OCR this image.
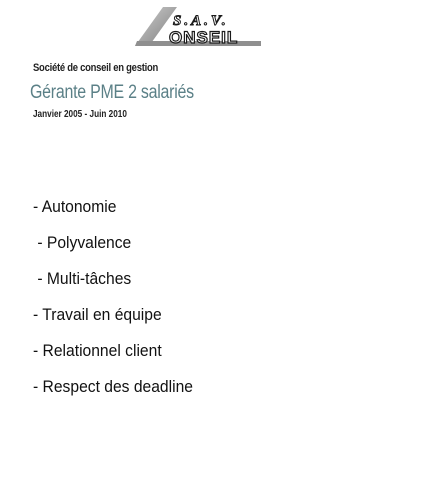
S.A.V.
ONSEIL
Société de conseil en gestion
Gérante PME 2 salariés
Janvier 2005 - Juin 2010
- Autonomie
- Polyvalence
- Multi-tâches
- Travail en équipe
- Relationnel client
- Respect des deadline
